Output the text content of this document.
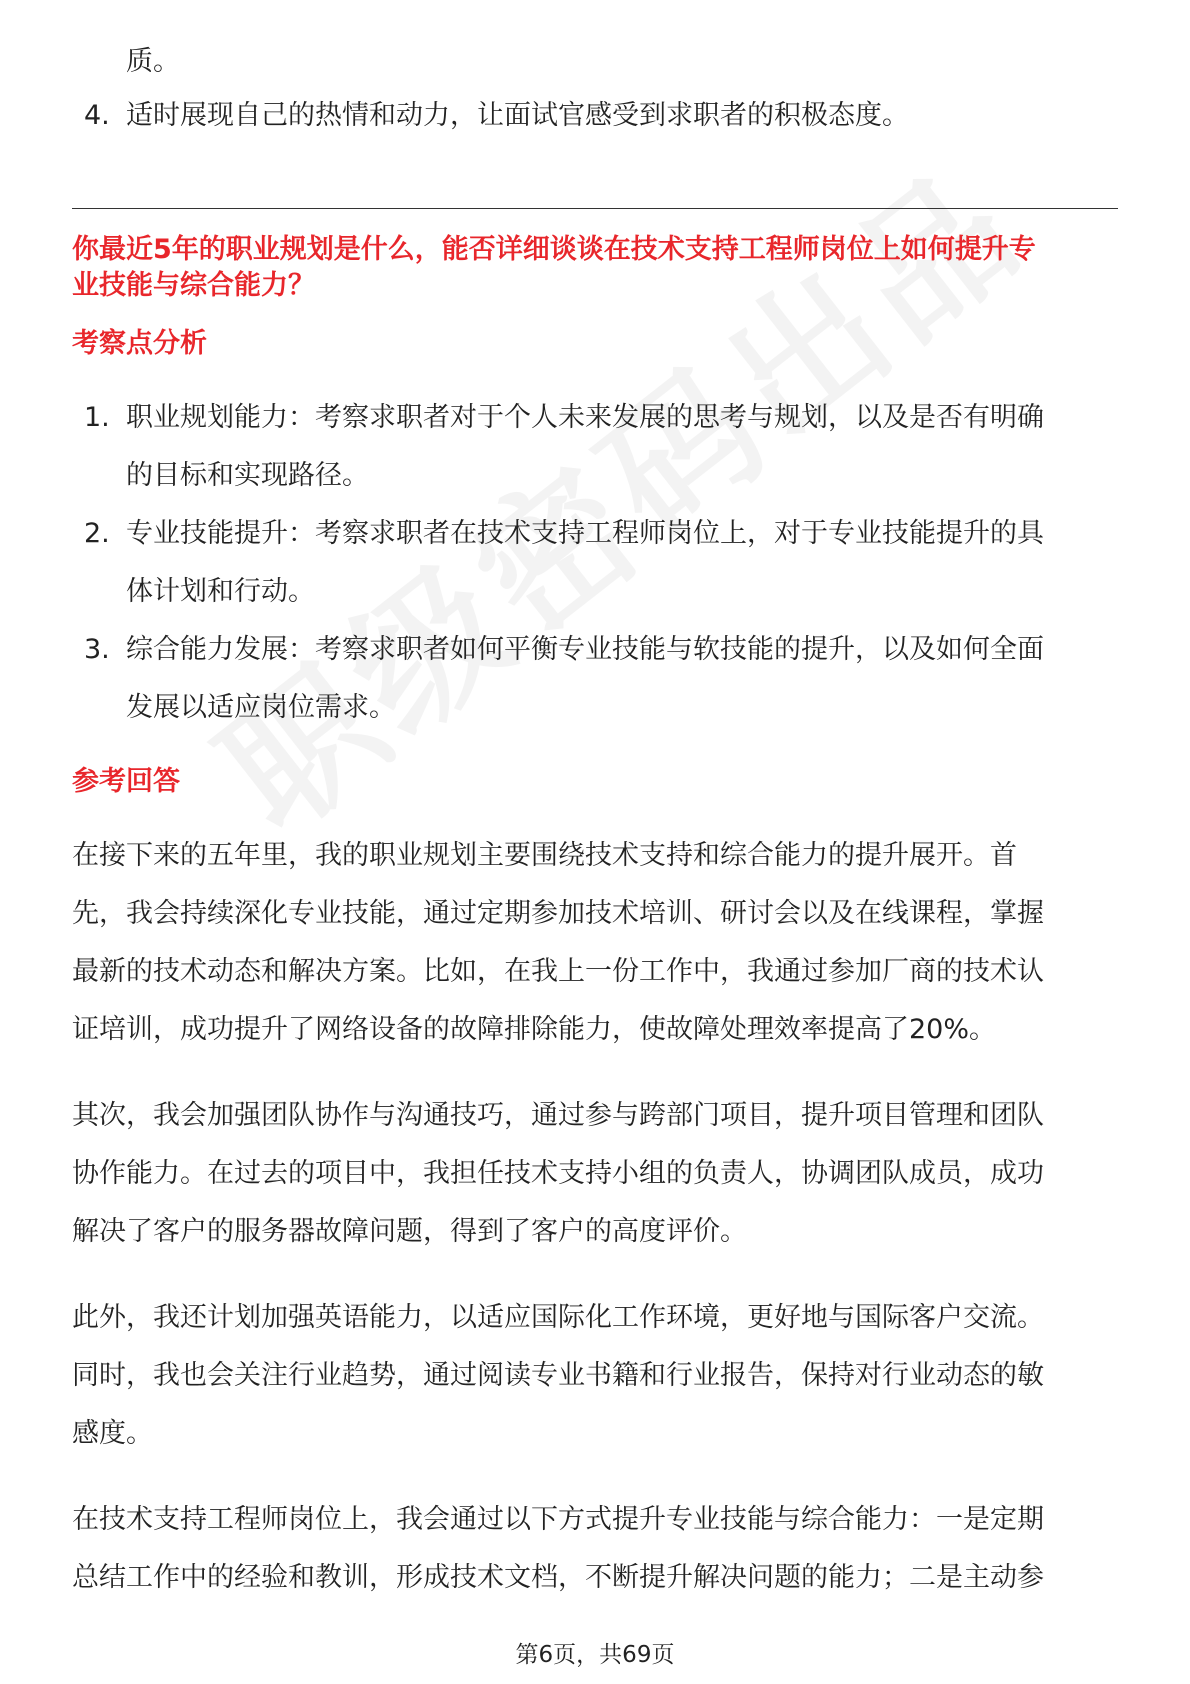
质。
4. 适时展现自己的热情和动力，让面试官感受到求职者的积极态度。
你最近5年的职业规划是什么，能否详细谈谈在技术支持工程师岗位上如何提升专
业技能与综合能力？
考察点分析
1. 职业规划能力：考察求职者对于个人未来发展的思考与规划，以及是否有明确
的目标和实现路径。
2. 专业技能提升：考察求职者在技术支持工程师岗位上，对于专业技能提升的具
体计划和行动。
3. 综合能力发展：考察求职者如何平衡专业技能与软技能的提升，以及如何全面
发展以适应岗位需求。
参考回答
在接下来的五年里，我的职业规划主要围绕技术支持和综合能力的提升展开。首
先，我会持续深化专业技能，通过定期参加技术培训、研讨会以及在线课程，掌握
最新的技术动态和解决方案。比如，在我上一份工作中，我通过参加厂商的技术认
证培训，成功提升了网络设备的故障排除能力，使故障处理效率提高了20%。
其次，我会加强团队协作与沟通技巧，通过参与跨部门项目，提升项目管理和团队
协作能力。在过去的项目中，我担任技术支持小组的负责人，协调团队成员，成功
解决了客户的服务器故障问题，得到了客户的高度评价。
此外，我还计划加强英语能力，以适应国际化工作环境，更好地与国际客户交流。
同时，我也会关注行业趋势，通过阅读专业书籍和行业报告，保持对行业动态的敏
感度。
在技术支持工程师岗位上，我会通过以下方式提升专业技能与综合能力：一是定期
总结工作中的经验和教训，形成技术文档，不断提升解决问题的能力；二是主动参
第6页，共69页
